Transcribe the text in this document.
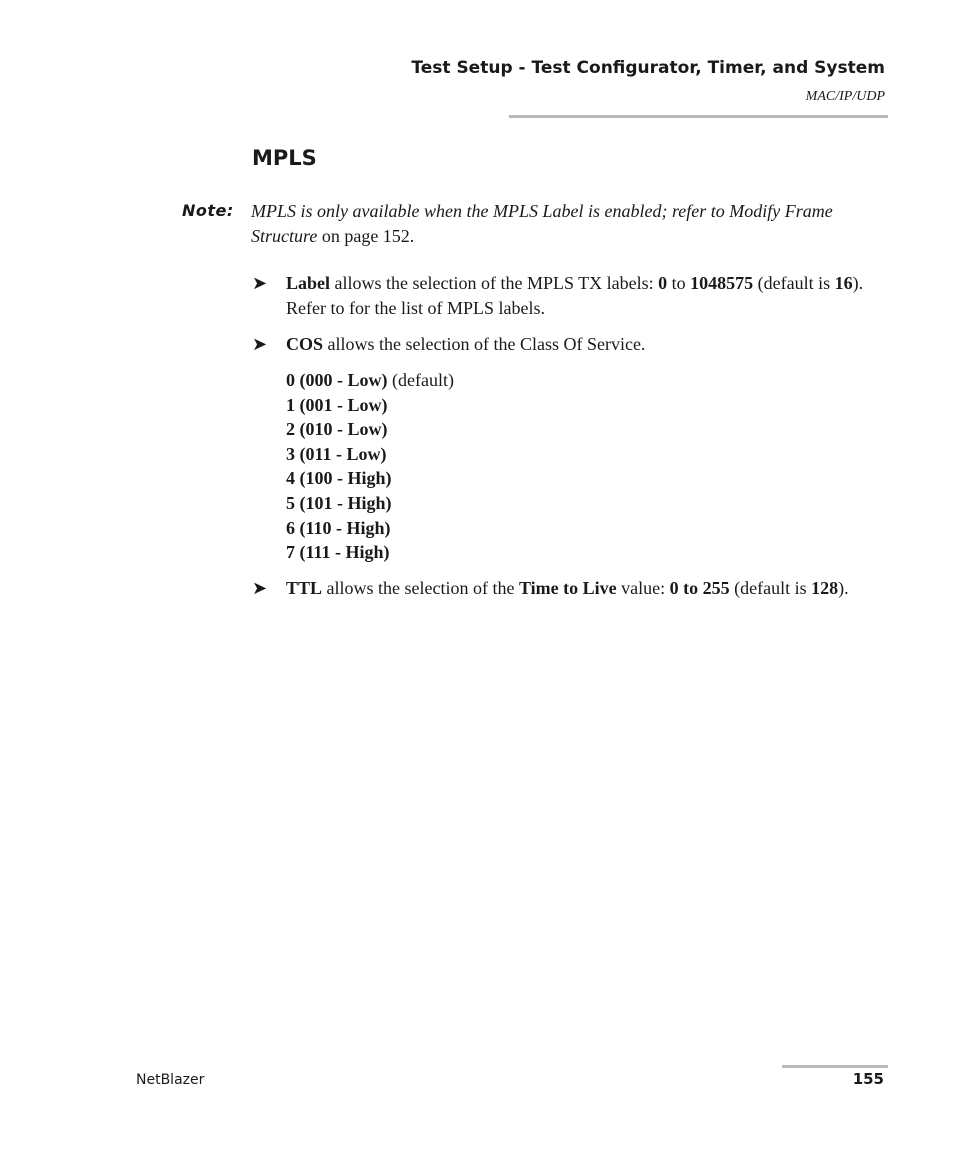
Test Setup - Test Configurator, Timer, and System
MAC/IP/UDP
MPLS
Note: MPLS is only available when the MPLS Label is enabled; refer to Modify Frame Structure on page 152.
➤	Label allows the selection of the MPLS TX labels: 0 to 1048575 (default is 16). Refer to for the list of MPLS labels.
➤	COS allows the selection of the Class Of Service.
0 (000 - Low) (default)
1 (001 - Low)
2 (010 - Low)
3 (011 - Low)
4 (100 - High)
5 (101 - High)
6 (110 - High)
7 (111 - High)
➤	TTL allows the selection of the Time to Live value: 0 to 255 (default is 128).
NetBlazer	155
